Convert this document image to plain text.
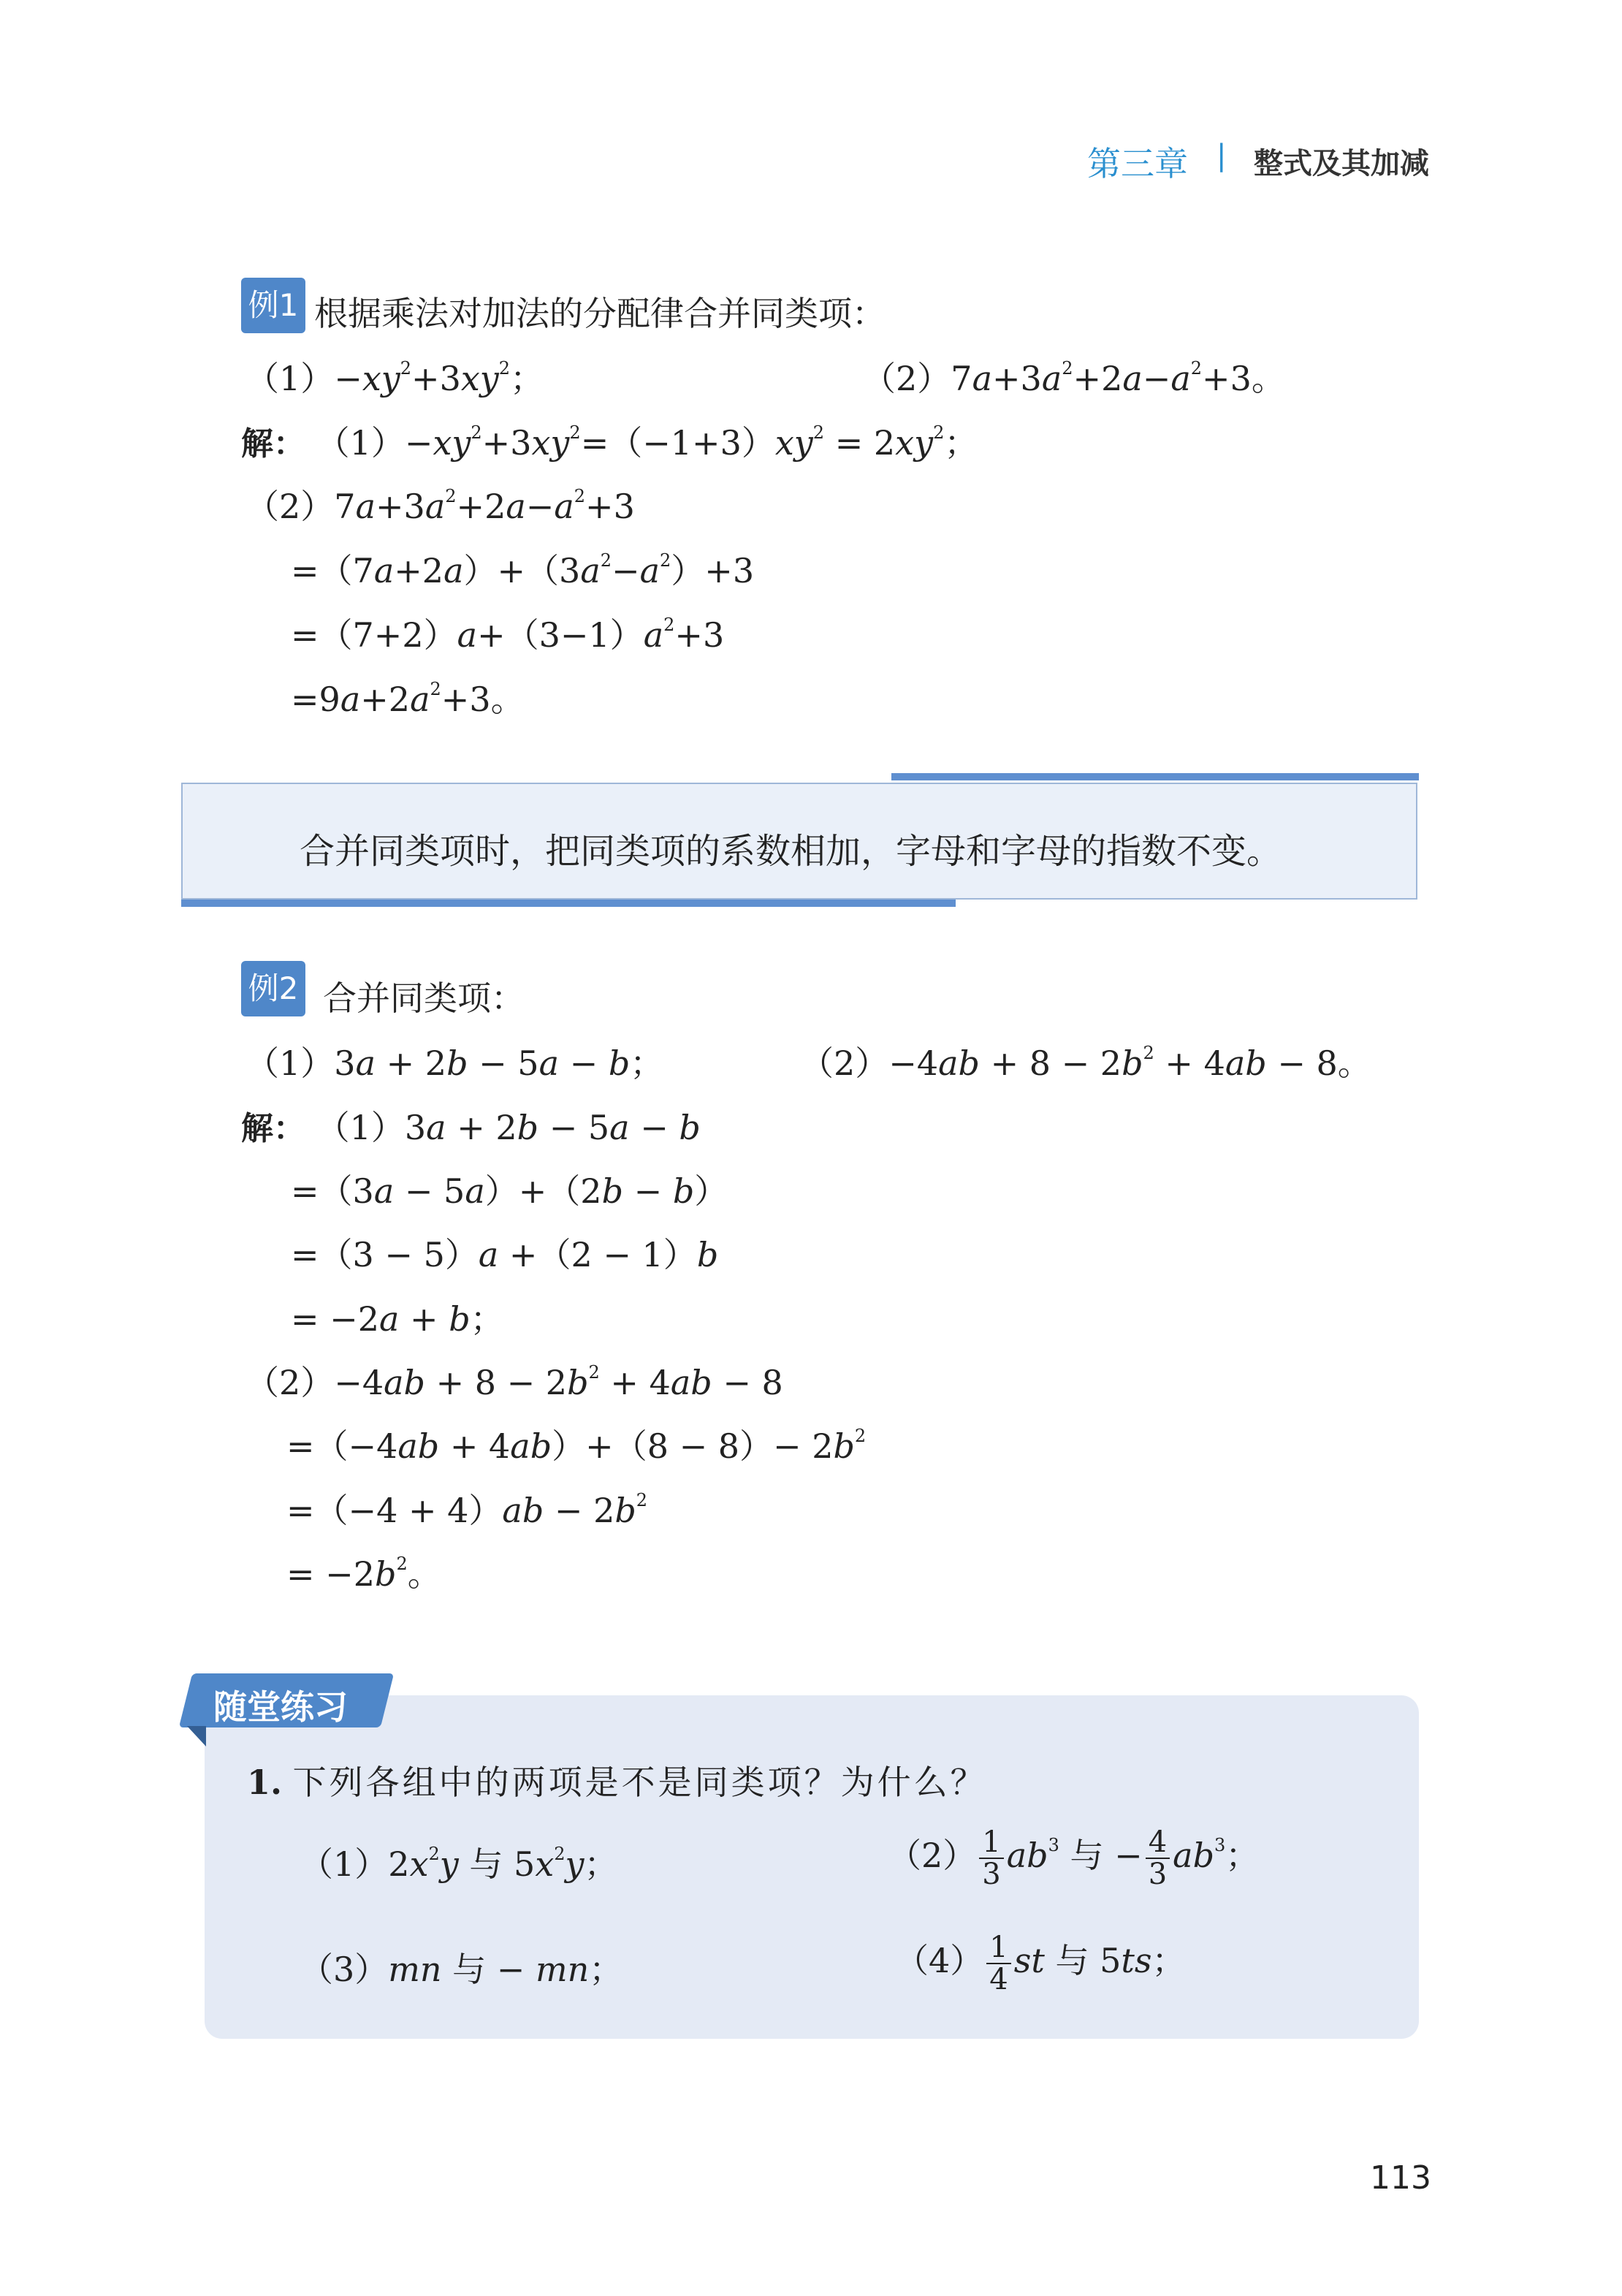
第三章 | 整式及其加减
例1 根据乘法对加法的分配律合并同类项：
$(1)-xy^2+3xy^2$；	$(2)7a+3a^2+2a-a^2+3$。
解： $(1)-xy^2+3xy^2=(-1+3)xy^2 = 2xy^2$；
$(2)7a+3a^2+2a-a^2+3$
$=(7a+2a)+(3a^2-a^2)+3$
$=(7+2)a+(3-1)a^2+3$
$=9a+2a^2+3$。
合并同类项时，把同类项的系数相加，字母和字母的指数不变。
例2 合并同类项：
（1）3a + 2b − 5a − b；	$(2)-4ab + 8 - 2b^2 + 4ab - 8$。
解： （1）3a + 2b − 5a − b
=（3a − 5a）+（2b − b）
=（3 − 5）a +（2 − 1）b
= −2a + b；
$(2)-4ab + 8 - 2b^2 + 4ab - 8$
$=(-4ab + 4ab)+(8 - 8)- 2b^2$
$=(-4 + 4)ab - 2b^2$
= $-2b^2$。
随堂练习
1. 下列各组中的两项是不是同类项？为什么？
$(1)2x^2y$ 与 $5x^2y$；	$(2) \frac{1}{3} ab^3$ 与 − $\frac{4}{3} ab^3$；
（3）mn 与 − mn；	$(4) \frac{1}{4}$ st 与 5ts；
113
